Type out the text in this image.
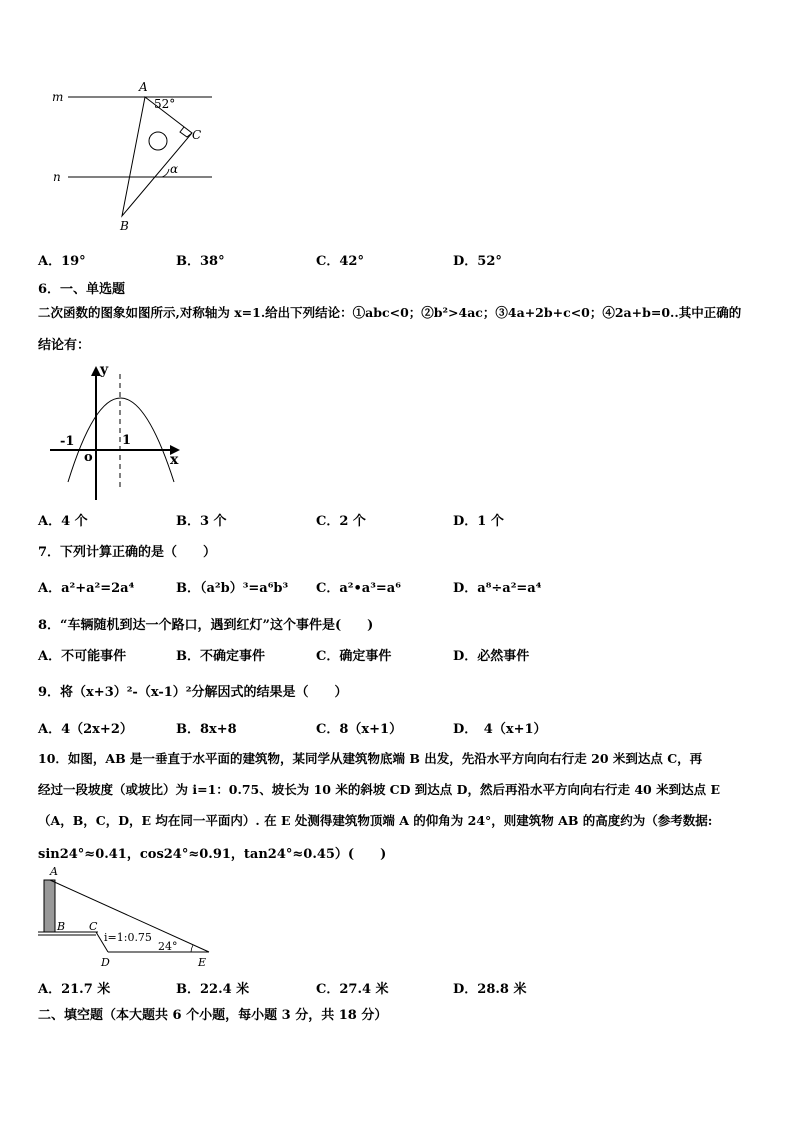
m
n
A
B
C
52°
α
A．19°	B．38°	C．42°	D．52°
6．一、单选题
二次函数的图象如图所示,对称轴为 x=1.给出下列结论：①abc<0；②b²>4ac；③4a+2b+c<0；④2a+b=0..其中正确的
结论有：
y
x
o
-1	1
A．4 个	B．3 个	C．2 个	D．1 个
7．下列计算正确的是（　　）
A．a²+a²=2a⁴	B．（a²b）³=a⁶b³ C．a²•a³=a⁶	D．a⁸÷a²=a⁴
8．“车辆随机到达一个路口，遇到红灯”这个事件是(　　)
A．不可能事件	B．不确定事件	C．确定事件	D．必然事件
9．将（x+3）²-（x-1）²分解因式的结果是（　　）
A．4（2x+2）	B．8x+8	C．8（x+1）	D．　4（x+1）
10．如图，AB 是一垂直于水平面的建筑物，某同学从建筑物底端 B 出发，先沿水平方向向右行走 20 米到达点 C，再
经过一段坡度（或坡比）为 i=1：0.75、坡长为 10 米的斜坡 CD 到达点 D，然后再沿水平方向向右行走 40 米到达点 E
（A，B，C，D，E 均在同一平面内）. 在 E 处测得建筑物顶端 A 的仰角为 24°，则建筑物 AB 的高度约为（参考数据:
sin24°≈0.41，cos24°≈0.91，tan24°≈0.45）(　　)
A
B C
D	E
i=1:0.75
24°
A．21.7 米	B．22.4 米	C．27.4 米	D．28.8 米
二、填空题（本大题共 6 个小题，每小题 3 分，共 18 分）
